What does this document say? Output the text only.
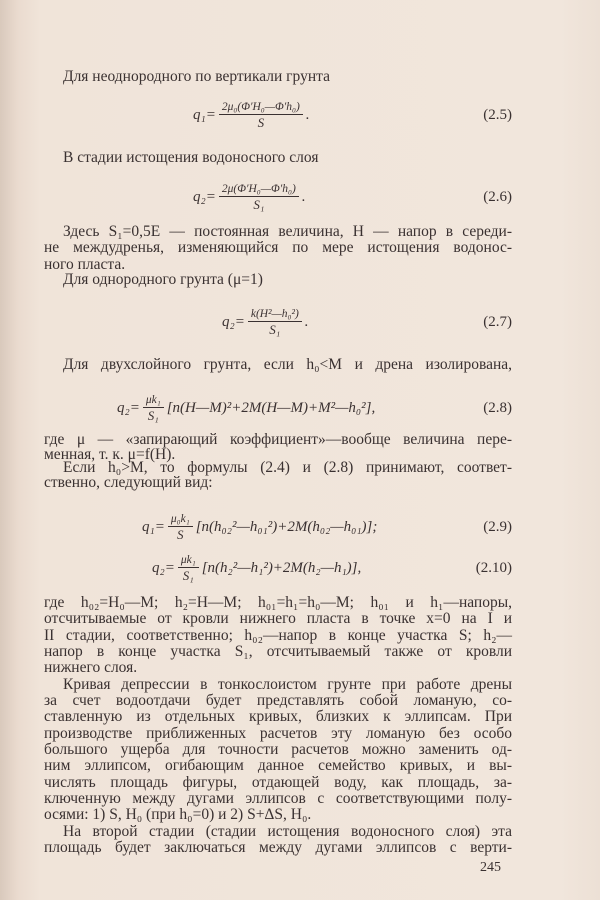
Для неоднородного по вертикали грунта
$q_1= \frac{\text{2μ₀(Φ′H₀—Φ′h₀)}}{S}$ .	(2.5)
В стадии истощения водоносного слоя
$q_2= \frac{\text{2μ(Φ′H₀—Φ′h₀)}}{\text{S₁}}$ .	(2.6)
Здесь S₁=0,5E — постоянная величина, H — напор в середи-
не междудренья, изменяющийся по мере истощения водонос-
ного пласта.
Для однородного грунта (μ=1)
$q_2= \frac{\text{k(H²—h₀²)}}{\text{S₁}}$ .	(2.7)
Для двухслойного грунта, если h₀<M и дрена изолирована,
$q_2= \frac{\text{μk₁}}{\text{S₁}}$ [n(H—M)²+2M(H—M)+M²—h₀²],	(2.8)
где μ — «запирающий коэффициент»—вообще величина пере-
менная, т. к. μ=f(H).
Если h₀>M, то формулы (2.4) и (2.8) принимают, соответ-
ственно, следующий вид:
$q_1= \frac{\text{μ₀k₁}}{S}$ [n(h₀₂²—h₀₁²)+2M(h₀₂—h₀₁)];	(2.9)
$q_2= \frac{\text{μk₁}}{\text{S₁}}$ [n(h₂²—h₁²)+2M(h₂—h₁)],	(2.10)
где h₀₂=H₀—M; h₂=H—M; h₀₁=h₁=h₀—M; h₀₁ и h₁—напоры,
отсчитываемые от кровли нижнего пласта в точке x=0 на I и
II стадии, соответственно; h₀₂—напор в конце участка S; h₂—
напор в конце участка S₁, отсчитываемый также от кровли
нижнего слоя.
Кривая депрессии в тонкослоистом грунте при работе дрены
за счет водоотдачи будет представлять собой ломаную, со-
ставленную из отдельных кривых, близких к эллипсам. При
производстве приближенных расчетов эту ломаную без особо
большого ущерба для точности расчетов можно заменить од-
ним эллипсом, огибающим данное семейство кривых, и вы-
числять площадь фигуры, отдающей воду, как площадь, за-
ключенную между дугами эллипсов с соответствующими полу-
осями: 1) S, H₀ (при h₀=0) и 2) S+ΔS, H₀.
На второй стадии (стадии истощения водоносного слоя) эта
площадь будет заключаться между дугами эллипсов с верти-
245
